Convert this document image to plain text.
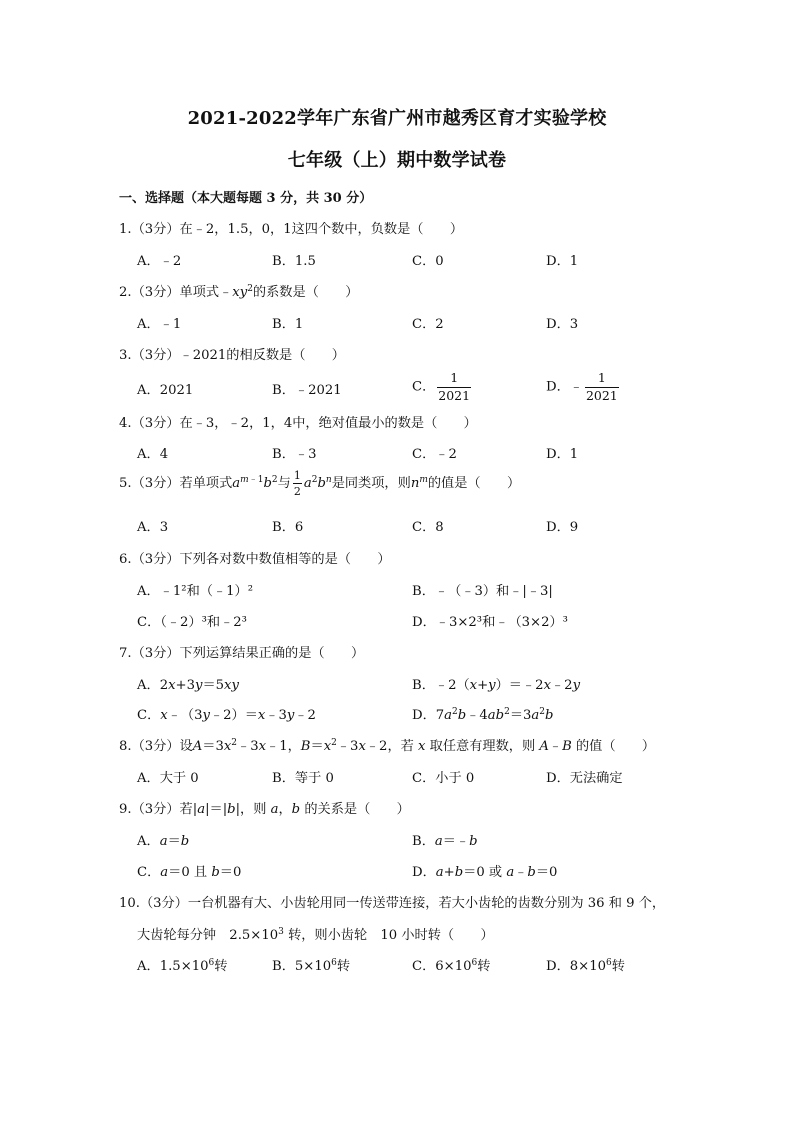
2021-2022学年广东省广州市越秀区育才实验学校
七年级（上）期中数学试卷
一、选择题（本大题每题 3 分，共 30 分）
1.（3分）在﹣2，1.5，0，1这四个数中，负数是（　　）
A．﹣2	B．1.5	C．0	D．1
2.（3分）单项式$﹣xy^2$的系数是（　　）
A．﹣1	B．1	C．2	D．3
3.（3分）﹣2021的相反数是（　　）
A．2021	B．﹣2021	C． $\frac{1}{2021}$	D．﹣ $\frac{1}{2021}$
4.（3分）在﹣3，﹣2，1，4中，绝对值最小的数是（　　）
A．4	B．﹣3	C．﹣2	D．1
5.（3分）若单项式$a^{m﹣1}b^2$与 $\frac{1}{2} a^2b^n$是同类项，则$n^m$的值是（　　）
A．3	B．6	C．8	D．9
6.（3分）下列各对数中数值相等的是（　　）
A．﹣1²和（﹣1）²	B．﹣（﹣3）和﹣|﹣3|
C．（﹣2）³和﹣2³	D．﹣3×2³和﹣（3×2）³
7.（3分）下列运算结果正确的是（　　）
A．2x+3y＝5xy	B．﹣2（x+y）＝﹣2x﹣2y
C．x﹣（3y﹣2）＝x﹣3y﹣2	D．$7a^2b﹣4ab^2=3a^2b$
8.（3分）设$A=3x^2﹣3x﹣1$，$B=x^2﹣3x﹣2$，若 x 取任意有理数，则 A﹣B 的值（　　）
A．大于 0	B．等于 0	C．小于 0	D．无法确定
9.（3分）若|a|＝|b|，则 a，b 的关系是（　　）
A．a＝b	B．a＝﹣b
C．a＝0 且 b＝0	D．a+b＝0 或 a﹣b＝0
10.（3分）一台机器有大、小齿轮用同一传送带连接，若大小齿轮的齿数分别为 36 和 9 个，
大齿轮每分钟　$2.5\times 10^3$ 转，则小齿轮　 10 小时转（　　）
A．$1.5\times 10^6$转	B．$5\times 10^6$转	C．$6\times 10^6$转	D．$8\times 10^6$转
